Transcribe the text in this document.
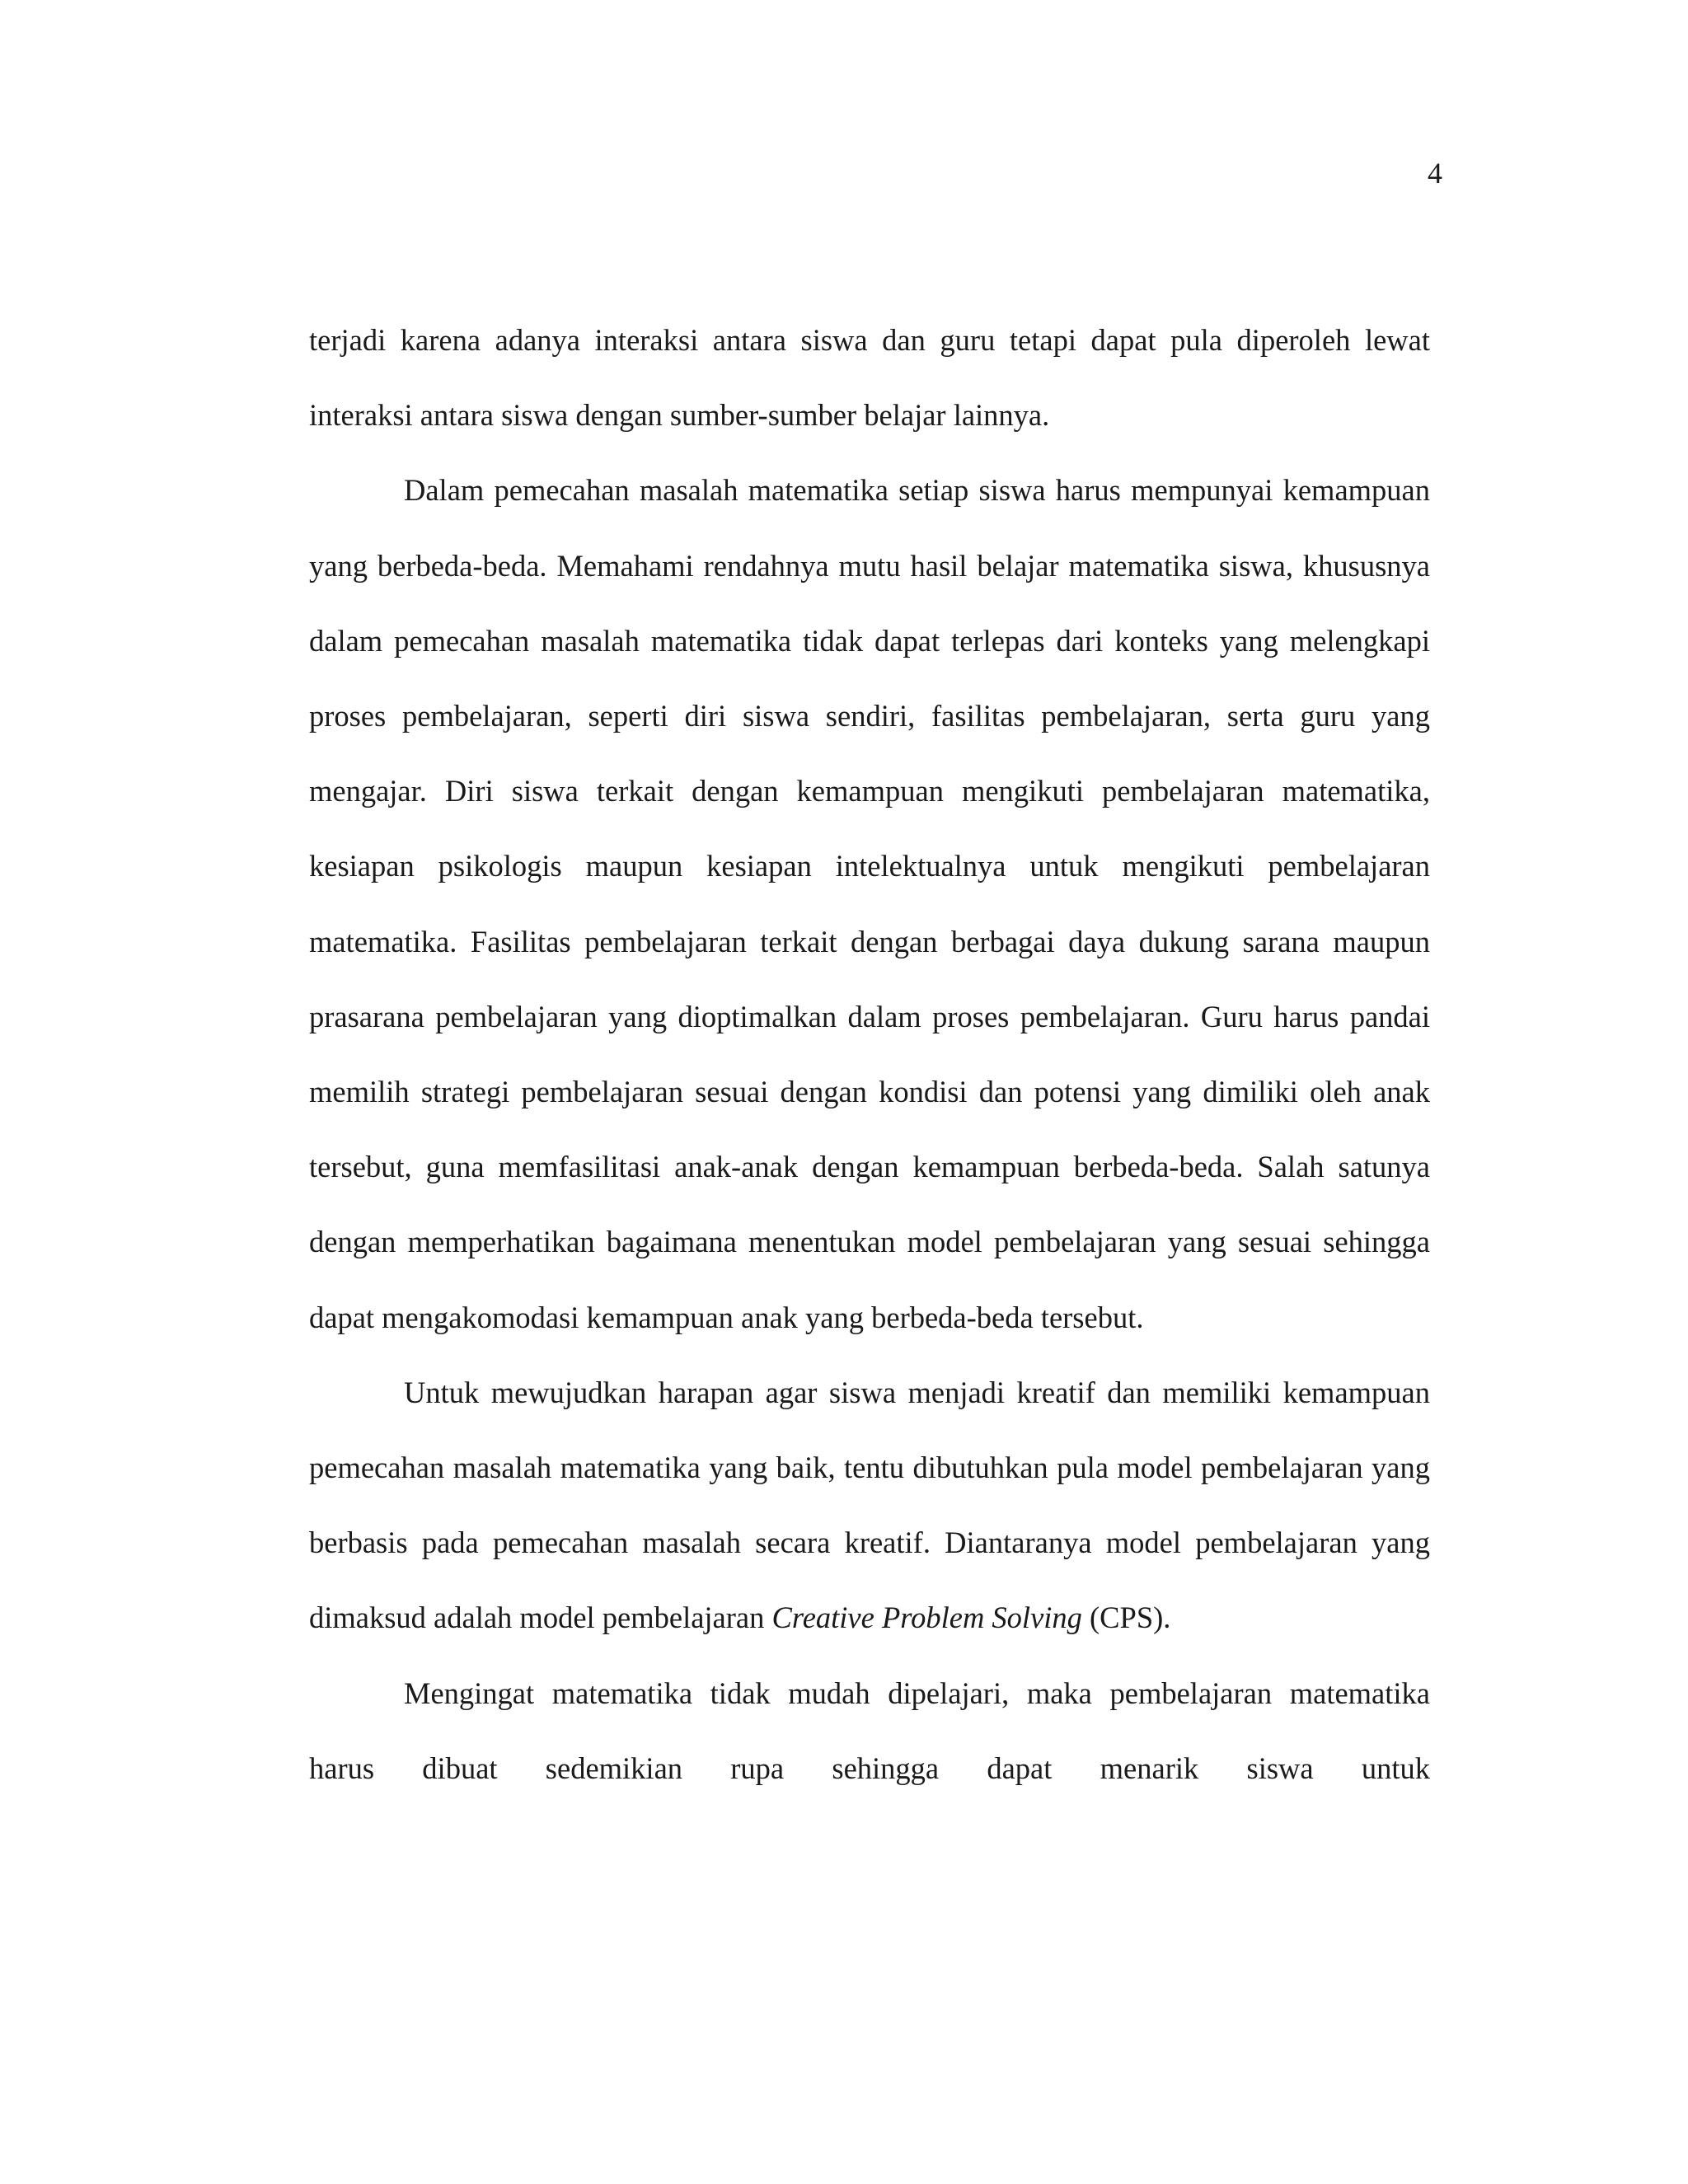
4

terjadi karena adanya interaksi antara siswa dan guru tetapi dapat pula diperoleh lewat interaksi antara siswa dengan sumber-sumber belajar lainnya.

Dalam pemecahan masalah matematika setiap siswa harus mempunyai kemampuan yang berbeda-beda. Memahami rendahnya mutu hasil belajar matematika siswa, khususnya dalam pemecahan masalah matematika tidak dapat terlepas dari konteks yang melengkapi proses pembelajaran, seperti diri siswa sendiri, fasilitas pembelajaran, serta guru yang mengajar. Diri siswa terkait dengan kemampuan mengikuti pembelajaran matematika, kesiapan psikologis maupun kesiapan intelektualnya untuk mengikuti pembelajaran matematika. Fasilitas pembelajaran terkait dengan berbagai daya dukung sarana maupun prasarana pembelajaran yang dioptimalkan dalam proses pembelajaran. Guru harus pandai memilih strategi pembelajaran sesuai dengan kondisi dan potensi yang dimiliki oleh anak tersebut, guna memfasilitasi anak-anak dengan kemampuan berbeda-beda. Salah satunya dengan memperhatikan bagaimana menentukan model pembelajaran yang sesuai sehingga dapat mengakomodasi kemampuan anak yang berbeda-beda tersebut.

Untuk mewujudkan harapan agar siswa menjadi kreatif dan memiliki kemampuan pemecahan masalah matematika yang baik, tentu dibutuhkan pula model pembelajaran yang berbasis pada pemecahan masalah secara kreatif. Diantaranya model pembelajaran yang dimaksud adalah model pembelajaran Creative Problem Solving (CPS).

Mengingat matematika tidak mudah dipelajari, maka pembelajaran matematika harus dibuat sedemikian rupa sehingga dapat menarik siswa untuk
